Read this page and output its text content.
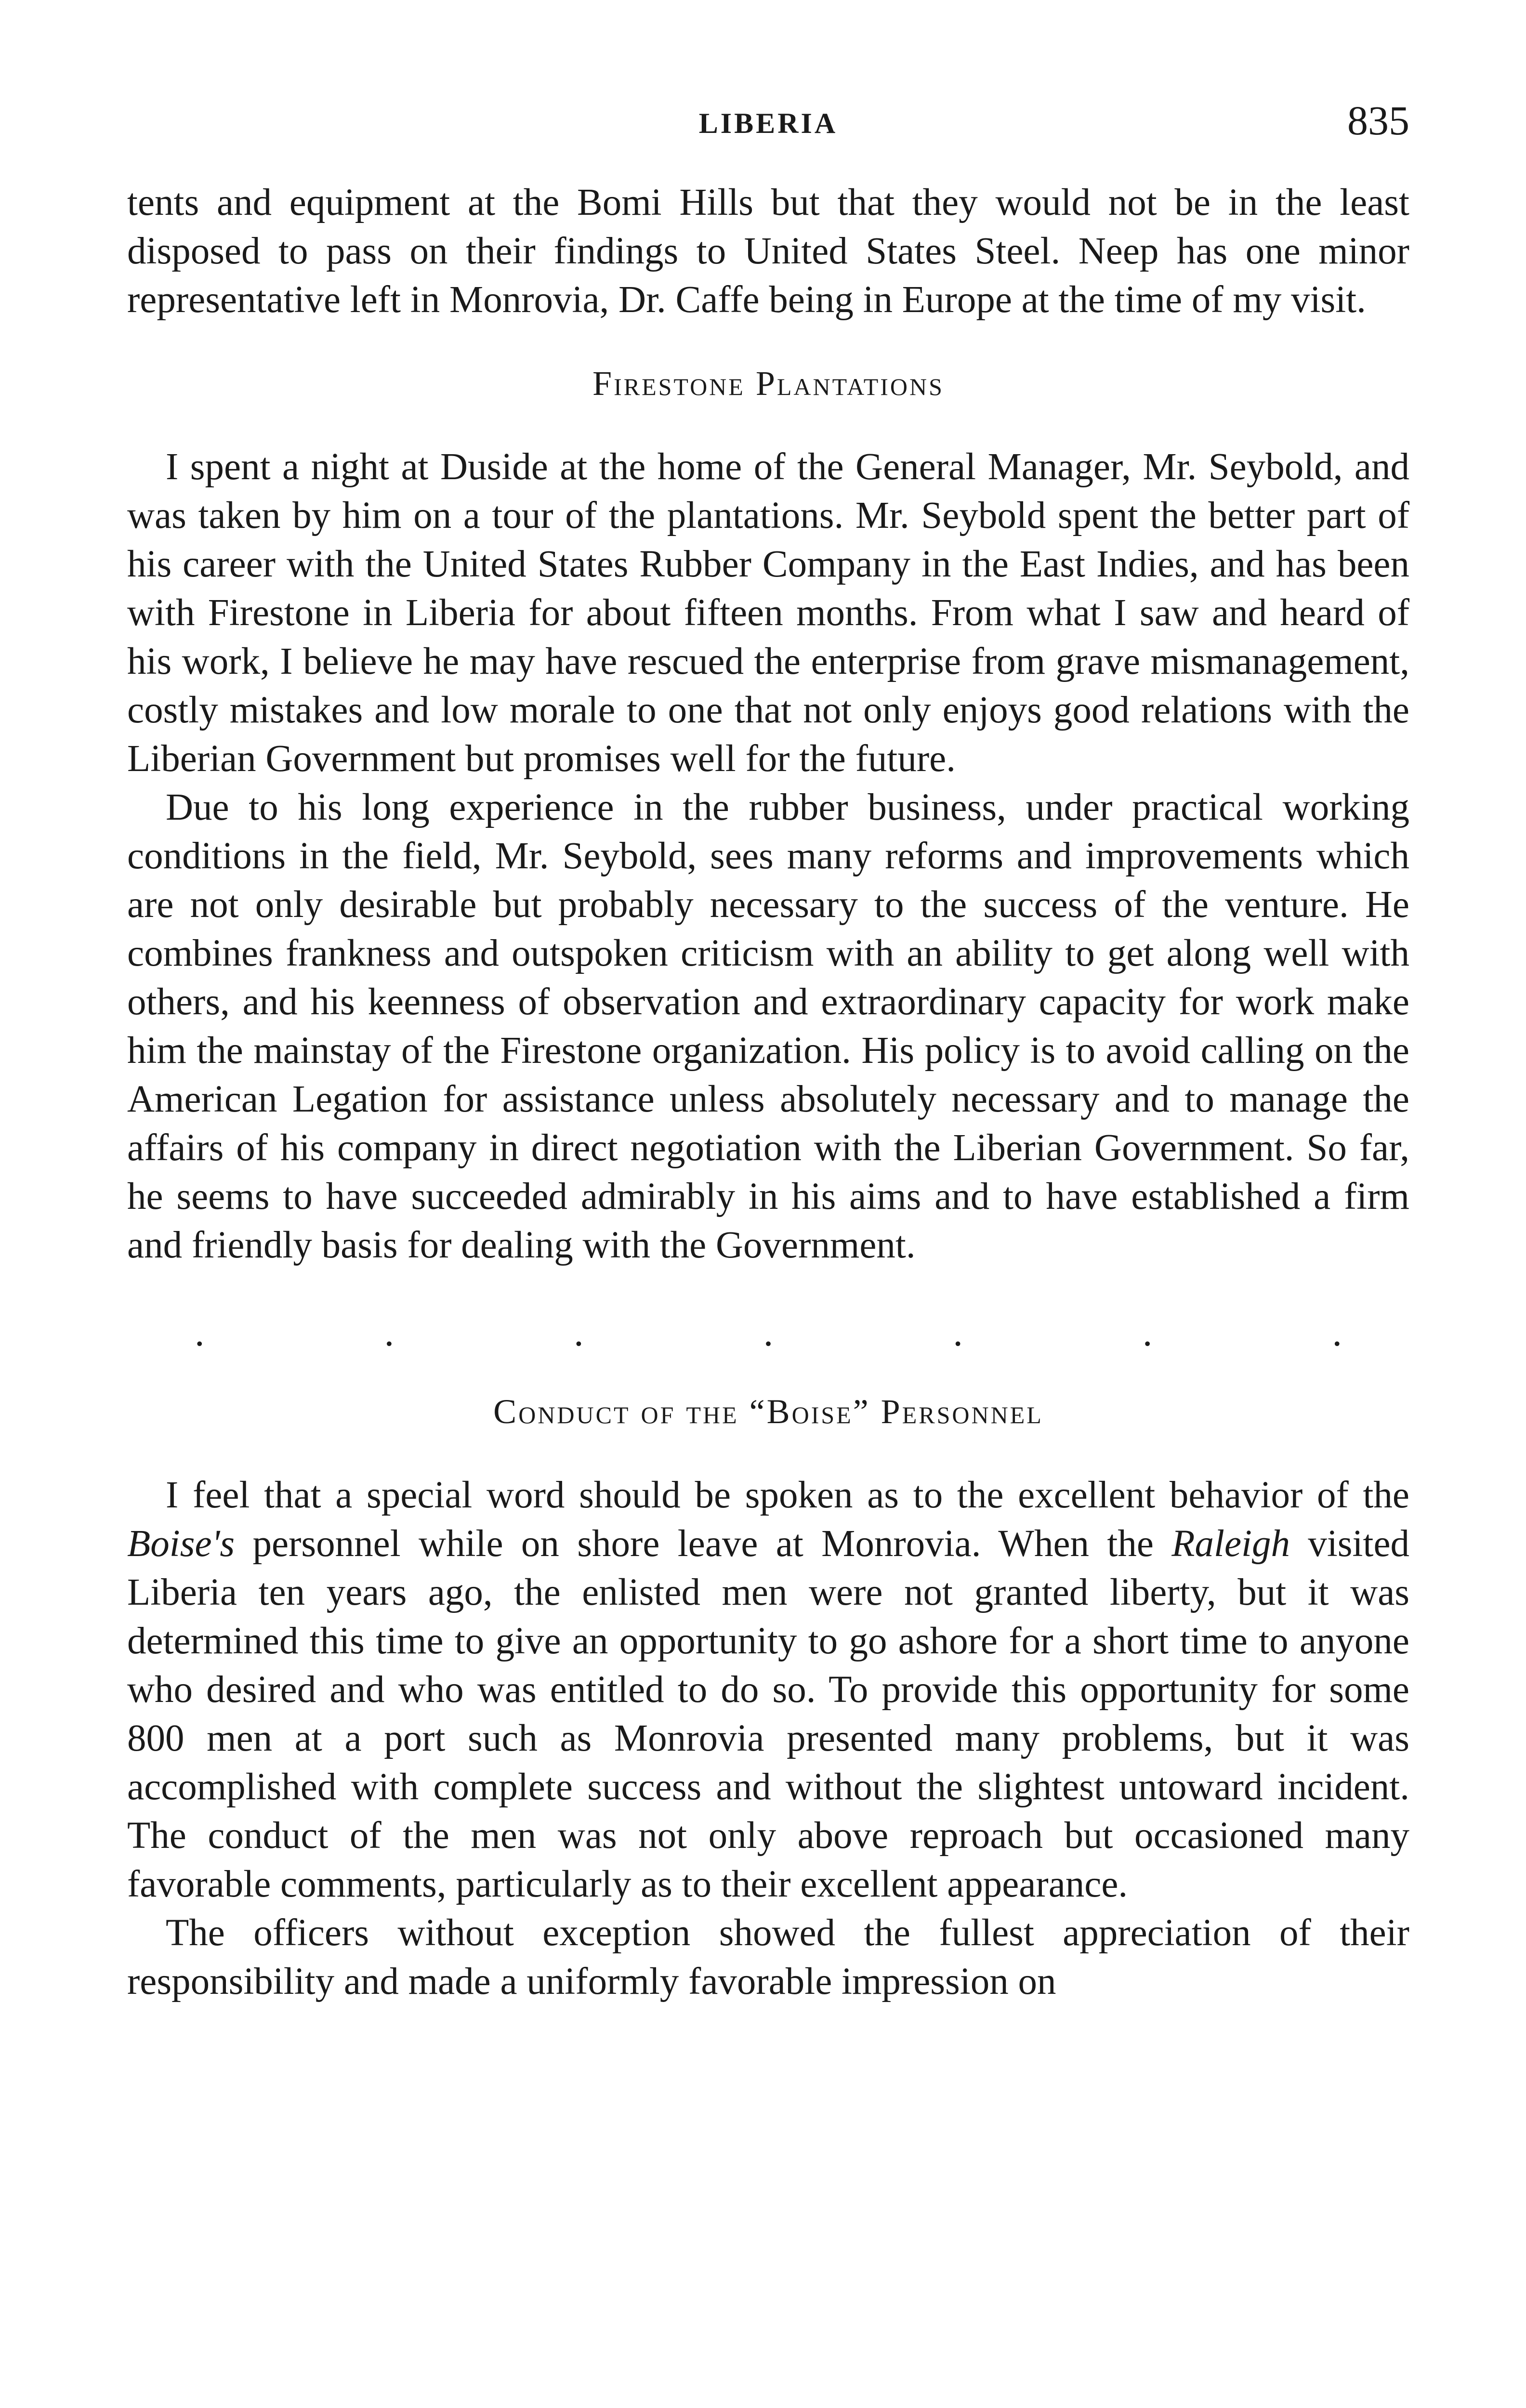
LIBERIA	835

tents and equipment at the Bomi Hills but that they would not be in the least disposed to pass on their findings to United States Steel. Neep has one minor representative left in Monrovia, Dr. Caffe being in Europe at the time of my visit.

Firestone Plantations

I spent a night at Duside at the home of the General Manager, Mr. Seybold, and was taken by him on a tour of the plantations. Mr. Seybold spent the better part of his career with the United States Rubber Company in the East Indies, and has been with Firestone in Liberia for about fifteen months. From what I saw and heard of his work, I believe he may have rescued the enterprise from grave mismanagement, costly mistakes and low morale to one that not only enjoys good relations with the Liberian Government but promises well for the future.

Due to his long experience in the rubber business, under practical working conditions in the field, Mr. Seybold, sees many reforms and improvements which are not only desirable but probably necessary to the success of the venture. He combines frankness and outspoken criticism with an ability to get along well with others, and his keenness of observation and extraordinary capacity for work make him the mainstay of the Firestone organization. His policy is to avoid calling on the American Legation for assistance unless absolutely necessary and to manage the affairs of his company in direct negotiation with the Liberian Government. So far, he seems to have succeeded admirably in his aims and to have established a firm and friendly basis for dealing with the Government.

.	.	.	.	.	.	.
Conduct of the “Boise” Personnel

I feel that a special word should be spoken as to the excellent behavior of the Boise's personnel while on shore leave at Monrovia. When the Raleigh visited Liberia ten years ago, the enlisted men were not granted liberty, but it was determined this time to give an opportunity to go ashore for a short time to anyone who desired and who was entitled to do so. To provide this opportunity for some 800 men at a port such as Monrovia presented many problems, but it was accomplished with complete success and without the slightest untoward incident. The conduct of the men was not only above reproach but occasioned many favorable comments, particularly as to their excellent appearance.

The officers without exception showed the fullest appreciation of their responsibility and made a uniformly favorable impression on
